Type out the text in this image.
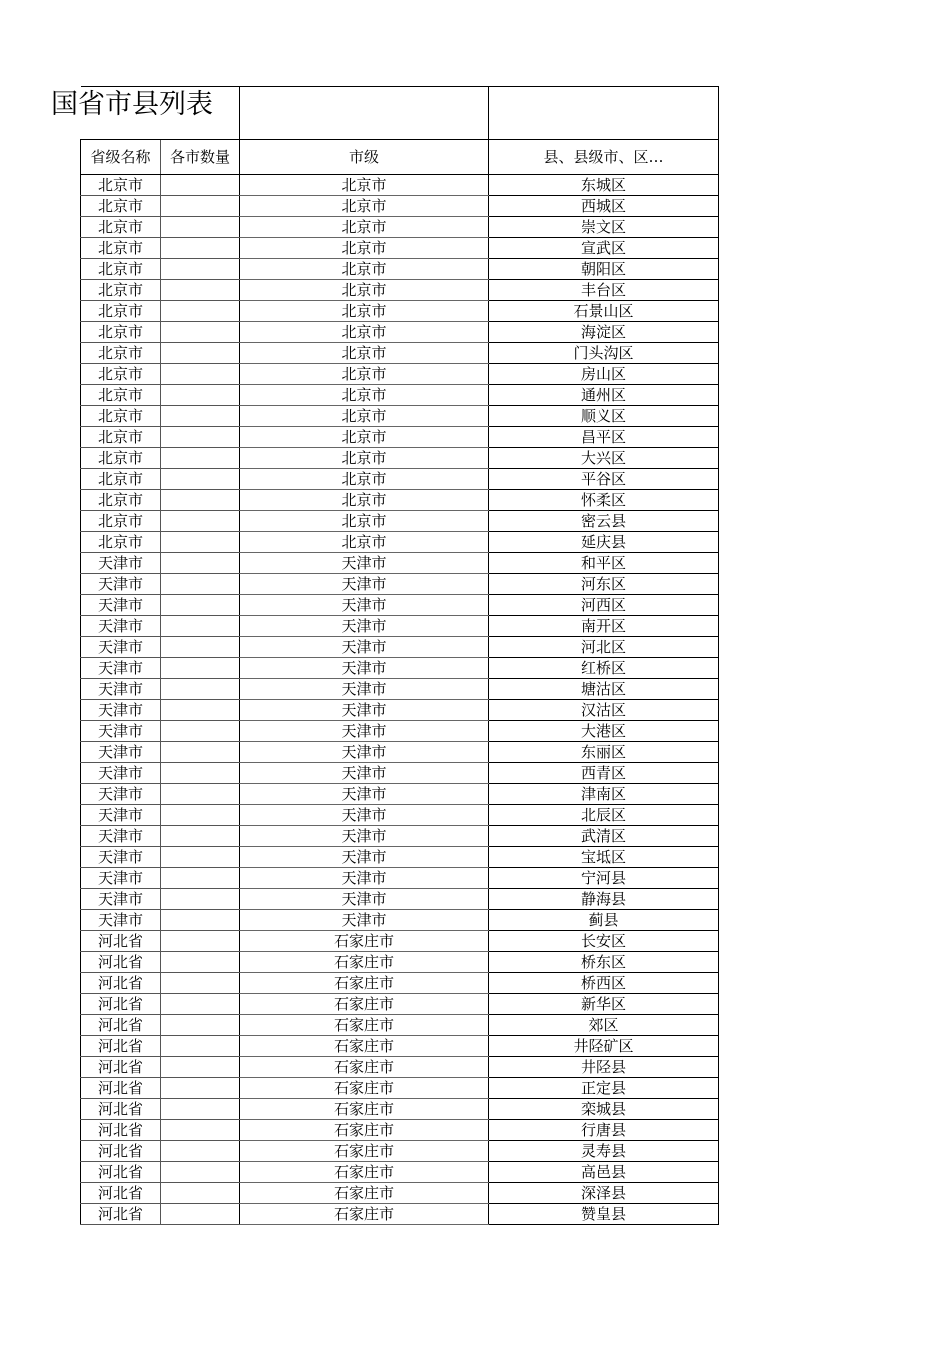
国省市县列表

省级名称	各市数量	市级	县、县级市、区…
北京市		北京市	东城区
北京市		北京市	西城区
北京市		北京市	崇文区
北京市		北京市	宣武区
北京市		北京市	朝阳区
北京市		北京市	丰台区
北京市		北京市	石景山区
北京市		北京市	海淀区
北京市		北京市	门头沟区
北京市		北京市	房山区
北京市		北京市	通州区
北京市		北京市	顺义区
北京市		北京市	昌平区
北京市		北京市	大兴区
北京市		北京市	平谷区
北京市		北京市	怀柔区
北京市		北京市	密云县
北京市		北京市	延庆县
天津市		天津市	和平区
天津市		天津市	河东区
天津市		天津市	河西区
天津市		天津市	南开区
天津市		天津市	河北区
天津市		天津市	红桥区
天津市		天津市	塘沽区
天津市		天津市	汉沽区
天津市		天津市	大港区
天津市		天津市	东丽区
天津市		天津市	西青区
天津市		天津市	津南区
天津市		天津市	北辰区
天津市		天津市	武清区
天津市		天津市	宝坻区
天津市		天津市	宁河县
天津市		天津市	静海县
天津市		天津市	蓟县
河北省		石家庄市	长安区
河北省		石家庄市	桥东区
河北省		石家庄市	桥西区
河北省		石家庄市	新华区
河北省		石家庄市	郊区
河北省		石家庄市	井陉矿区
河北省		石家庄市	井陉县
河北省		石家庄市	正定县
河北省		石家庄市	栾城县
河北省		石家庄市	行唐县
河北省		石家庄市	灵寿县
河北省		石家庄市	高邑县
河北省		石家庄市	深泽县
河北省		石家庄市	赞皇县
